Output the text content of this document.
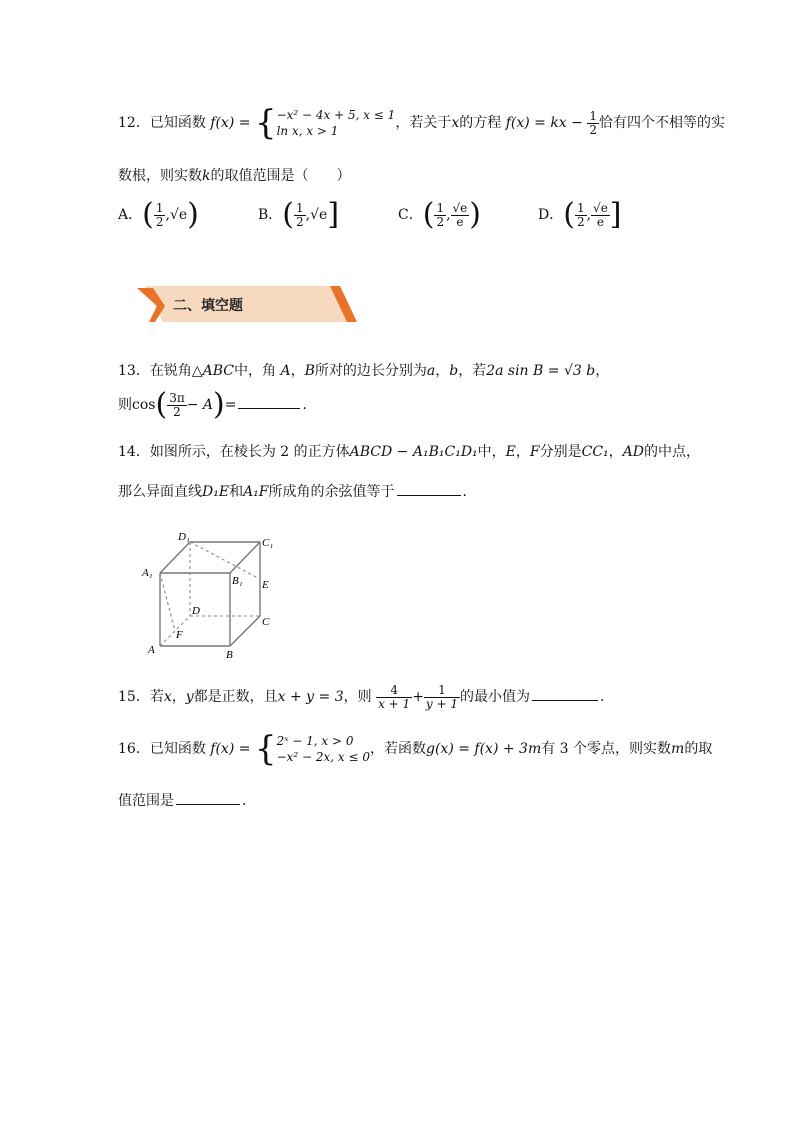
12．已知函数 f(x) = { −x² − 4x + 5, x ≤ 1
ln x, x > 1	，若关于x的方程 f(x) = kx − $\frac{1}{2}$ 恰有四个不相等的实
数根，则实数k的取值范围是（　　）
A．( $\frac{1}{2} ,√e$)	B．( $\frac{1}{2} ,√e$]	C．( $\frac{1}{2}$ , $\frac{√e}{e}$ )	D．( $\frac{1}{2}$ , $\frac{√e}{e}$ ]
二、填空题
13．在锐角△ABC中，角 A，B所对的边长分别为a，b，若2a sin B = √3 b，
则$\cos( \frac{3\pi}{2} - A)=$	．
14．如图所示，在棱长为 2 的正方体ABCD − A₁B₁C₁D₁中，E，F分别是CC₁，AD的中点，
那么异面直线D₁E和A₁F所成角的余弦值等于	．
D₁	C₁
A₁
B₁ E
D
C
F
A	B
15．若x，y都是正数，且x + y = 3，则 $\frac{4}{x + 1} + \frac{1}{y + 1}$ 的最小值为	．
16．已知函数 f(x) = { 2ˣ − 1, x > 0
−x² − 2x, x ≤ 0 ，若函数g(x) = f(x) + 3m有 3 个零点，则实数m的取
值范围是	．
